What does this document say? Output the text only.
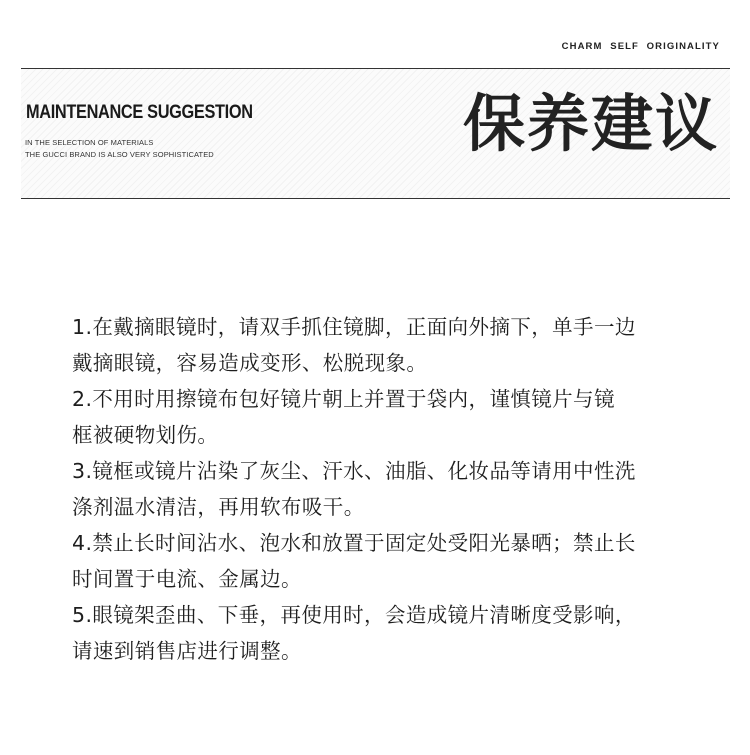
CHARM SELF ORIGINALITY
MAINTENANCE SUGGESTION
IN THE SELECTION OF MATERIALS
THE GUCCI BRAND IS ALSO VERY SOPHISTICATED	保养建议

1.在戴摘眼镜时，请双手抓住镜脚，正面向外摘下，单手一边

戴摘眼镜，容易造成变形、松脱现象。

2.不用时用擦镜布包好镜片朝上并置于袋内，谨慎镜片与镜

框被硬物划伤。

3.镜框或镜片沾染了灰尘、汗水、油脂、化妆品等请用中性洗

涤剂温水清洁，再用软布吸干。

4.禁止长时间沾水、泡水和放置于固定处受阳光暴晒；禁止长

时间置于电流、金属边。

5.眼镜架歪曲、下垂，再使用时，会造成镜片清晰度受影响，

请速到销售店进行调整。
